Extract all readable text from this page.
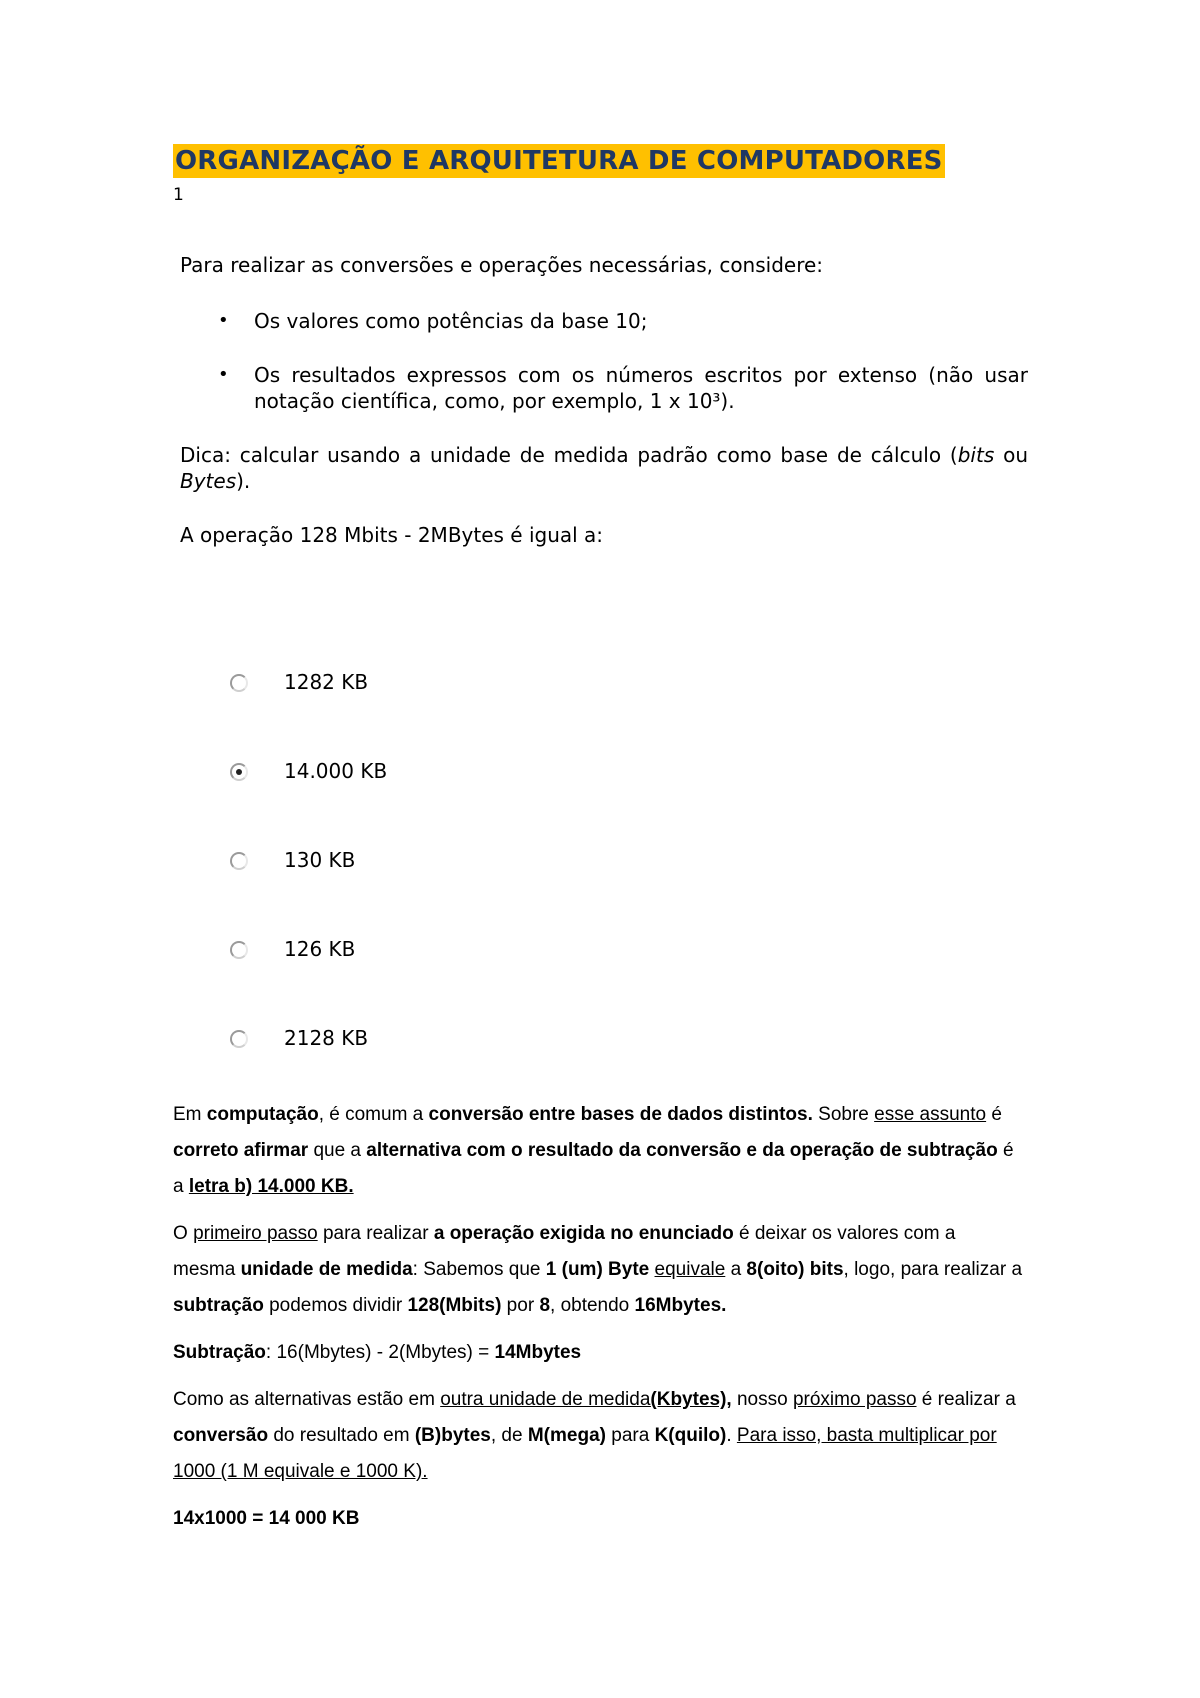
ORGANIZAÇÃO E ARQUITETURA DE COMPUTADORES
1

Para realizar as conversões e operações necessárias, considere:

• Os valores como potências da base 10;
• Os resultados expressos com os números escritos por extenso (não usar notação científica, como, por exemplo, 1 x 10³).

Dica: calcular usando a unidade de medida padrão como base de cálculo (bits ou Bytes).

A operação 128 Mbits - 2MBytes é igual a:

1282 KB
14.000 KB
130 KB
126 KB
2128 KB

Em computação, é comum a conversão entre bases de dados distintos. Sobre esse assunto é correto afirmar que a alternativa com o resultado da conversão e da operação de subtração é a letra b) 14.000 KB.

O primeiro passo para realizar a operação exigida no enunciado é deixar os valores com a mesma unidade de medida: Sabemos que 1 (um) Byte equivale a 8(oito) bits, logo, para realizar a subtração podemos dividir 128(Mbits) por 8, obtendo 16Mbytes.

Subtração: 16(Mbytes) - 2(Mbytes) = 14Mbytes

Como as alternativas estão em outra unidade de medida(Kbytes), nosso próximo passo é realizar a conversão do resultado em (B)bytes, de M(mega) para K(quilo). Para isso, basta multiplicar por 1000 (1 M equivale e 1000 K).

14x1000 = 14 000 KB
